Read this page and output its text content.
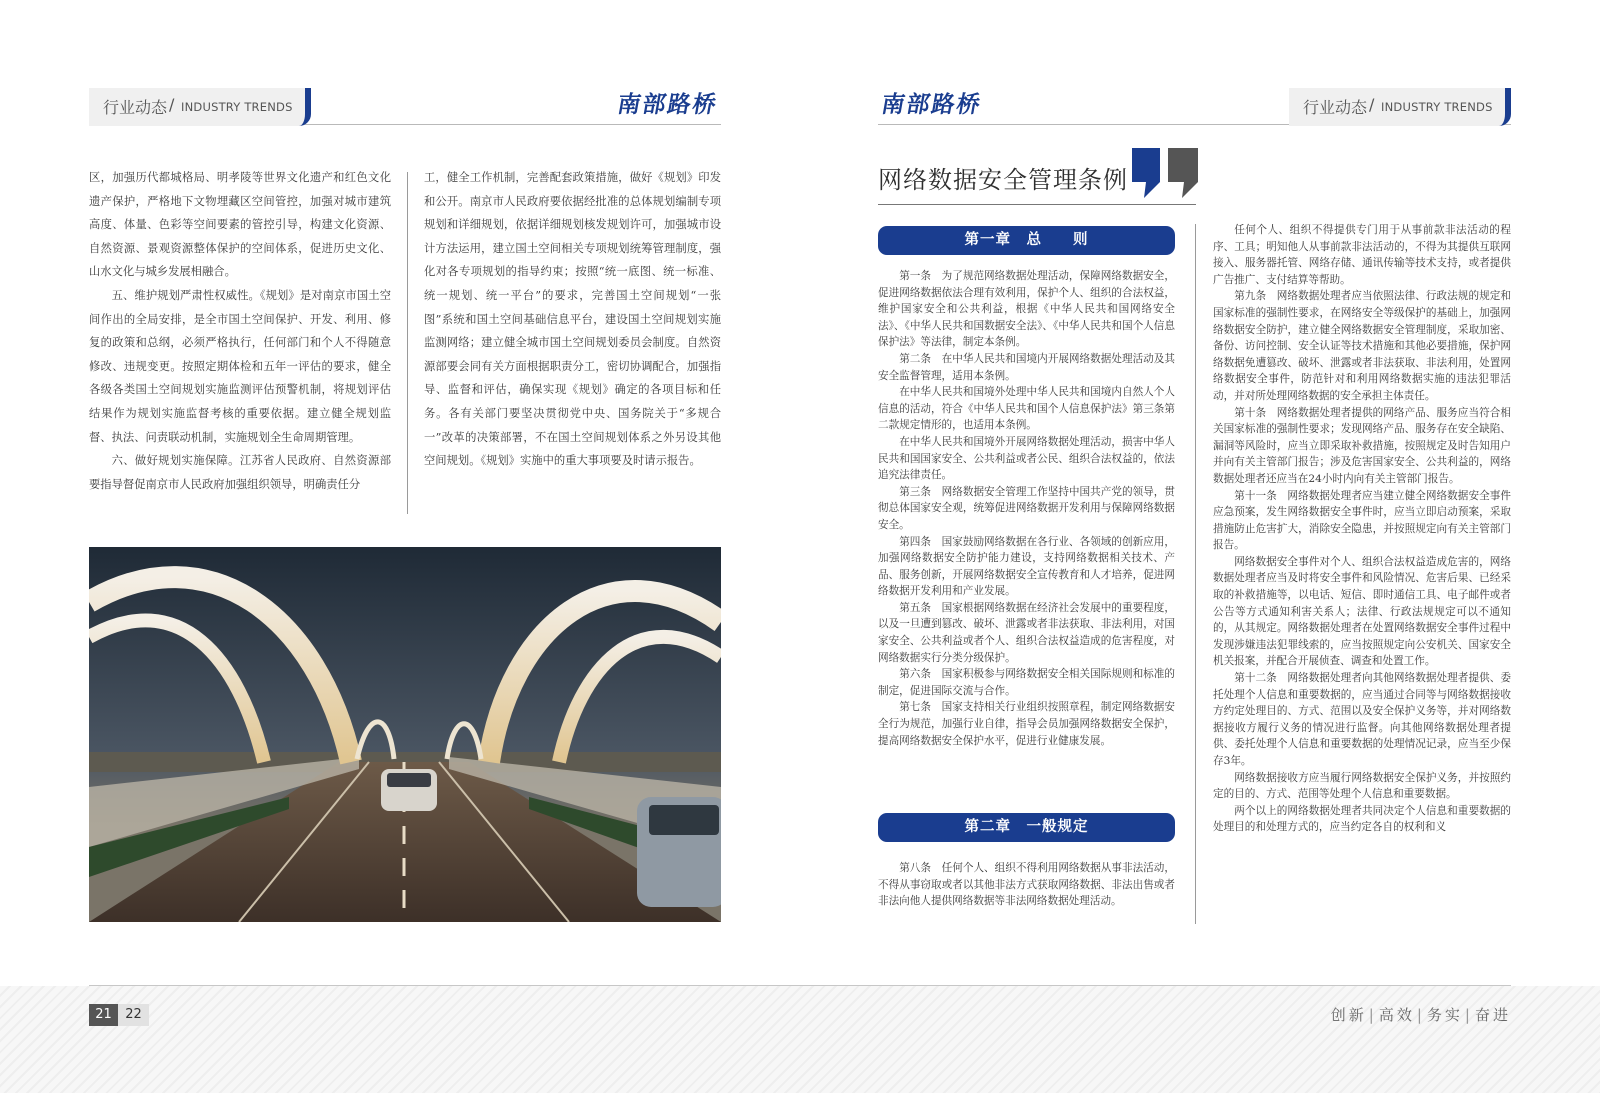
行业动态 / INDUSTRY TRENDS	南部路桥

区，加强历代都城格局、明孝陵等世界文化遗产和红色文化遗产保护，严格地下文物埋藏区空间管控，加强对城市建筑高度、体量、色彩等空间要素的管控引导，构建文化资源、自然资源、景观资源整体保护的空间体系，促进历史文化、山水文化与城乡发展相融合。

五、维护规划严肃性权威性。《规划》是对南京市国土空间作出的全局安排，是全市国土空间保护、开发、利用、修复的政策和总纲，必须严格执行，任何部门和个人不得随意修改、违规变更。按照定期体检和五年一评估的要求，健全各级各类国土空间规划实施监测评估预警机制，将规划评估结果作为规划实施监督考核的重要依据。建立健全规划监督、执法、问责联动机制，实施规划全生命周期管理。

六、做好规划实施保障。江苏省人民政府、自然资源部要指导督促南京市人民政府加强组织领导，明确责任分

工，健全工作机制，完善配套政策措施，做好《规划》印发和公开。南京市人民政府要依据经批准的总体规划编制专项规划和详细规划，依据详细规划核发规划许可，加强城市设计方法运用，建立国土空间相关专项规划统筹管理制度，强化对各专项规划的指导约束；按照“统一底图、统一标准、统一规划、统一平台”的要求，完善国土空间规划“一张图”系统和国土空间基础信息平台，建设国土空间规划实施监测网络；建立健全城市国土空间规划委员会制度。自然资源部要会同有关方面根据职责分工，密切协调配合，加强指导、监督和评估，确保实现《规划》确定的各项目标和任务。各有关部门要坚决贯彻党中央、国务院关于“多规合一”改革的决策部署，不在国土空间规划体系之外另设其他空间规划。《规划》实施中的重大事项要及时请示报告。

南部路桥	行业动态 / INDUSTRY TRENDS
网络数据安全管理条例
第一章　总　　则

第一条　为了规范网络数据处理活动，保障网络数据安全，促进网络数据依法合理有效利用，保护个人、组织的合法权益，维护国家安全和公共利益，根据《中华人民共和国网络安全法》、《中华人民共和国数据安全法》、《中华人民共和国个人信息保护法》等法律，制定本条例。

第二条　在中华人民共和国境内开展网络数据处理活动及其安全监督管理，适用本条例。

在中华人民共和国境外处理中华人民共和国境内自然人个人信息的活动，符合《中华人民共和国个人信息保护法》第三条第二款规定情形的，也适用本条例。

在中华人民共和国境外开展网络数据处理活动，损害中华人民共和国国家安全、公共利益或者公民、组织合法权益的，依法追究法律责任。

第三条　网络数据安全管理工作坚持中国共产党的领导，贯彻总体国家安全观，统筹促进网络数据开发利用与保障网络数据安全。

第四条　国家鼓励网络数据在各行业、各领域的创新应用，加强网络数据安全防护能力建设，支持网络数据相关技术、产品、服务创新，开展网络数据安全宣传教育和人才培养，促进网络数据开发利用和产业发展。

第五条　国家根据网络数据在经济社会发展中的重要程度，以及一旦遭到篡改、破坏、泄露或者非法获取、非法利用，对国家安全、公共利益或者个人、组织合法权益造成的危害程度，对网络数据实行分类分级保护。

第六条　国家积极参与网络数据安全相关国际规则和标准的制定，促进国际交流与合作。

第七条　国家支持相关行业组织按照章程，制定网络数据安全行为规范，加强行业自律，指导会员加强网络数据安全保护，提高网络数据安全保护水平，促进行业健康发展。

第二章　一般规定

第八条　任何个人、组织不得利用网络数据从事非法活动，不得从事窃取或者以其他非法方式获取网络数据、非法出售或者非法向他人提供网络数据等非法网络数据处理活动。

任何个人、组织不得提供专门用于从事前款非法活动的程序、工具；明知他人从事前款非法活动的，不得为其提供互联网接入、服务器托管、网络存储、通讯传输等技术支持，或者提供广告推广、支付结算等帮助。

第九条　网络数据处理者应当依照法律、行政法规的规定和国家标准的强制性要求，在网络安全等级保护的基础上，加强网络数据安全防护，建立健全网络数据安全管理制度，采取加密、备份、访问控制、安全认证等技术措施和其他必要措施，保护网络数据免遭篡改、破坏、泄露或者非法获取、非法利用，处置网络数据安全事件，防范针对和利用网络数据实施的违法犯罪活动，并对所处理网络数据的安全承担主体责任。

第十条　网络数据处理者提供的网络产品、服务应当符合相关国家标准的强制性要求；发现网络产品、服务存在安全缺陷、漏洞等风险时，应当立即采取补救措施，按照规定及时告知用户并向有关主管部门报告；涉及危害国家安全、公共利益的，网络数据处理者还应当在24小时内向有关主管部门报告。

第十一条　网络数据处理者应当建立健全网络数据安全事件应急预案，发生网络数据安全事件时，应当立即启动预案，采取措施防止危害扩大，消除安全隐患，并按照规定向有关主管部门报告。

网络数据安全事件对个人、组织合法权益造成危害的，网络数据处理者应当及时将安全事件和风险情况、危害后果、已经采取的补救措施等，以电话、短信、即时通信工具、电子邮件或者公告等方式通知利害关系人；法律、行政法规规定可以不通知的，从其规定。网络数据处理者在处置网络数据安全事件过程中发现涉嫌违法犯罪线索的，应当按照规定向公安机关、国家安全机关报案，并配合开展侦查、调查和处置工作。

第十二条　网络数据处理者向其他网络数据处理者提供、委托处理个人信息和重要数据的，应当通过合同等与网络数据接收方约定处理目的、方式、范围以及安全保护义务等，并对网络数据接收方履行义务的情况进行监督。向其他网络数据处理者提供、委托处理个人信息和重要数据的处理情况记录，应当至少保存3年。

网络数据接收方应当履行网络数据安全保护义务，并按照约定的目的、方式、范围等处理个人信息和重要数据。

两个以上的网络数据处理者共同决定个人信息和重要数据的处理目的和处理方式的，应当约定各自的权利和义

21	22	创新 | 高效 | 务实 | 奋进
